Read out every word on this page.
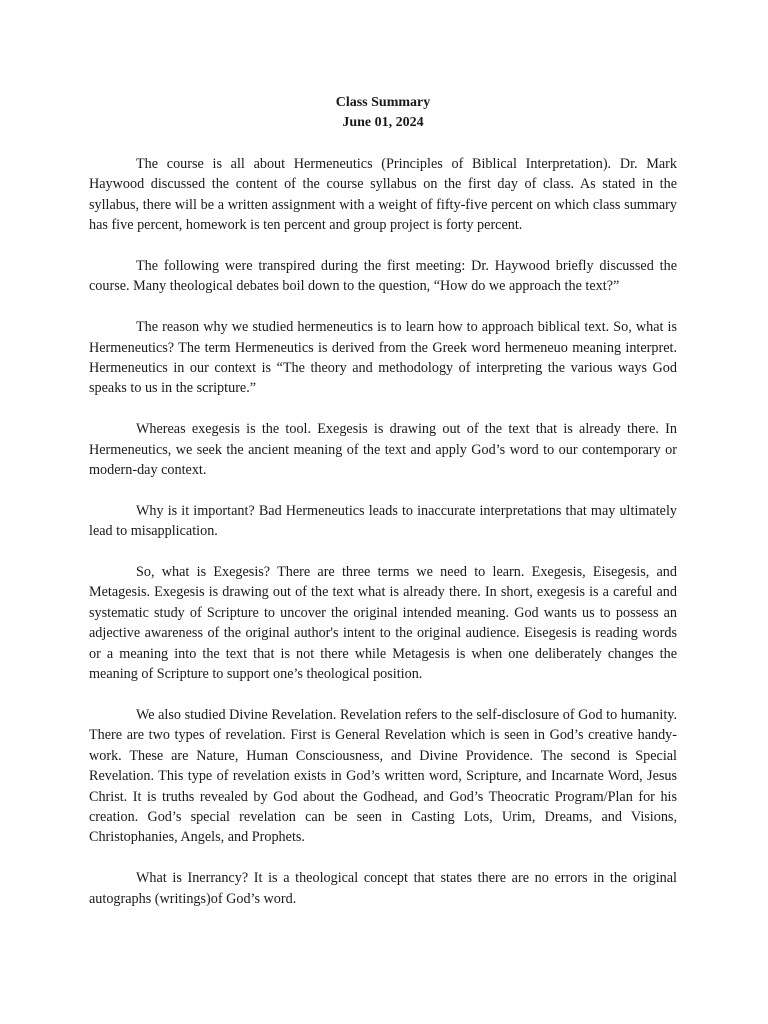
Class Summary
June 01, 2024

The course is all about Hermeneutics (Principles of Biblical Interpretation). Dr. Mark Haywood discussed the content of the course syllabus on the first day of class. As stated in the syllabus, there will be a written assignment with a weight of fifty-five percent on which class summary has five percent, homework is ten percent and group project is forty percent.

The following were transpired during the first meeting: Dr. Haywood briefly discussed the course. Many theological debates boil down to the question, “How do we approach the text?”

The reason why we studied hermeneutics is to learn how to approach biblical text. So, what is Hermeneutics? The term Hermeneutics is derived from the Greek word hermeneuo meaning interpret. Hermeneutics in our context is “The theory and methodology of interpreting the various ways God speaks to us in the scripture.”

Whereas exegesis is the tool. Exegesis is drawing out of the text that is already there. In Hermeneutics, we seek the ancient meaning of the text and apply God’s word to our contemporary or modern-day context.

Why is it important? Bad Hermeneutics leads to inaccurate interpretations that may ultimately lead to misapplication.

So, what is Exegesis? There are three terms we need to learn. Exegesis, Eisegesis, and Metagesis. Exegesis is drawing out of the text what is already there. In short, exegesis is a careful and systematic study of Scripture to uncover the original intended meaning. God wants us to possess an adjective awareness of the original author's intent to the original audience. Eisegesis is reading words or a meaning into the text that is not there while Metagesis is when one deliberately changes the meaning of Scripture to support one’s theological position.

We also studied Divine Revelation. Revelation refers to the self-disclosure of God to humanity. There are two types of revelation. First is General Revelation which is seen in God’s creative handy-work. These are Nature, Human Consciousness, and Divine Providence. The second is Special Revelation. This type of revelation exists in God’s written word, Scripture, and Incarnate Word, Jesus Christ. It is truths revealed by God about the Godhead, and God’s Theocratic Program/Plan for his creation. God’s special revelation can be seen in Casting Lots, Urim, Dreams, and Visions, Christophanies, Angels, and Prophets.

What is Inerrancy? It is a theological concept that states there are no errors in the original autographs (writings)of God’s word.
